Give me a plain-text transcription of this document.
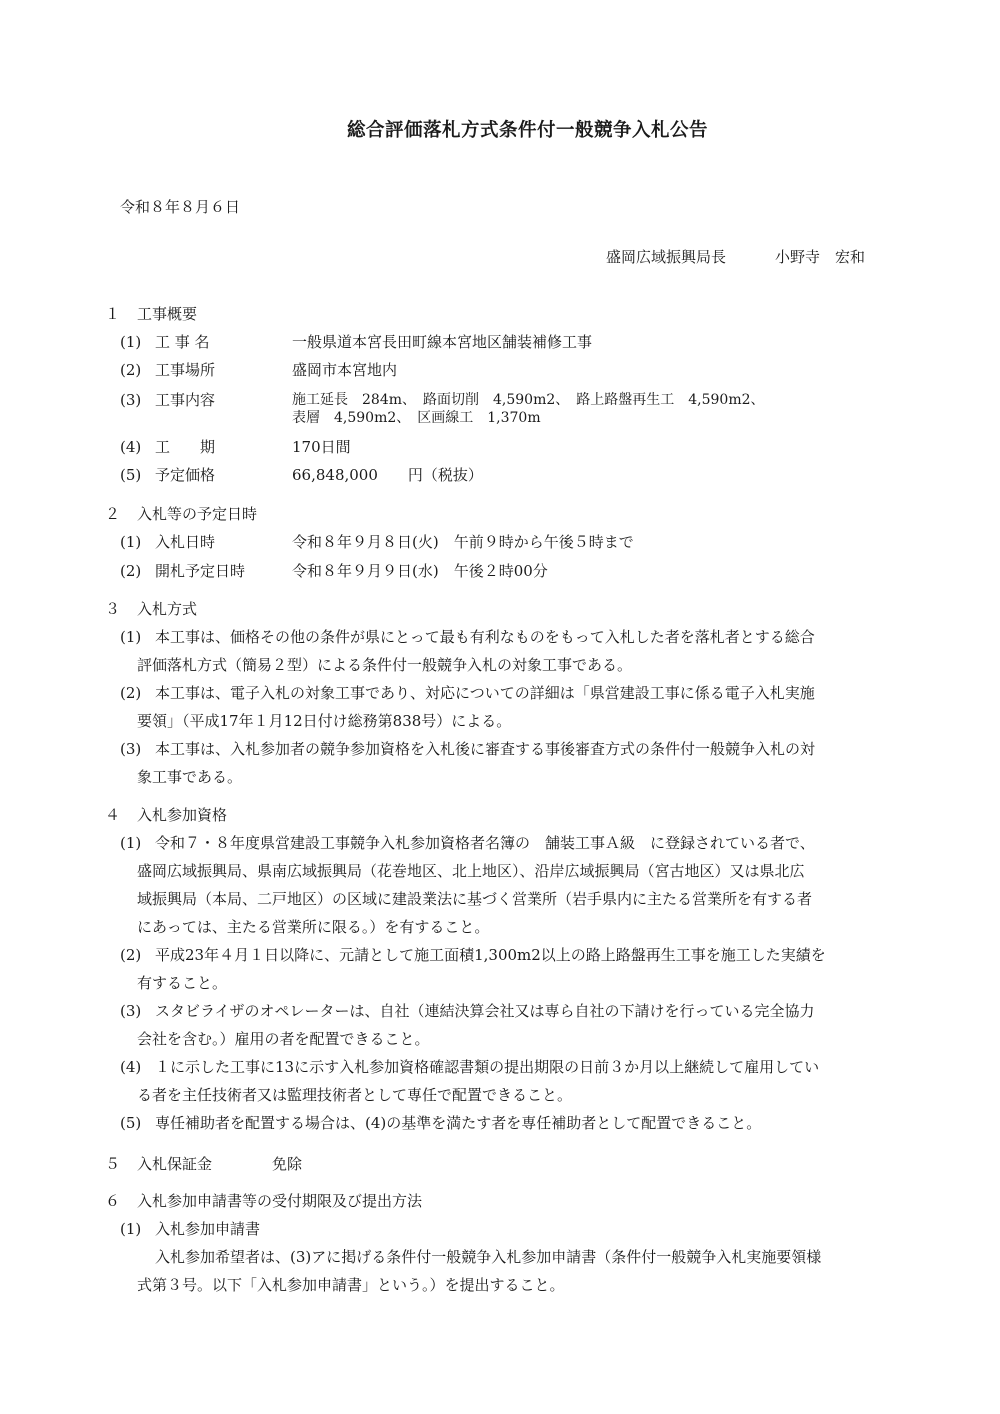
総合評価落札方式条件付一般競争入札公告
令和８年８月６日
盛岡広域振興局長	小野寺　宏和
１ 工事概要
(1) 工 事 名	一般県道本宮長田町線本宮地区舗装補修工事
(2) 工事場所	盛岡市本宮地内
(3) 工事内容	施工延長　284m、　路面切削　4,590m2、　路上路盤再生工　4,590m2、
表層　4,590m2、　区画線工　1,370m
(4) 工　　期	170日間
(5) 予定価格	66,848,000　　円（税抜）
２ 入札等の予定日時
(1) 入札日時	令和８年９月８日(火)　午前９時から午後５時まで
(2) 開札予定日時	令和８年９月９日(水)　午後２時00分
３ 入札方式
(1) 本工事は、価格その他の条件が県にとって最も有利なものをもって入札した者を落札者とする総合
評価落札方式（簡易２型）による条件付一般競争入札の対象工事である。
(2) 本工事は、電子入札の対象工事であり、対応についての詳細は「県営建設工事に係る電子入札実施
要領」（平成17年１月12日付け総務第838号）による。
(3) 本工事は、入札参加者の競争参加資格を入札後に審査する事後審査方式の条件付一般競争入札の対
象工事である。
４ 入札参加資格
(1) 令和７・８年度県営建設工事競争入札参加資格者名簿の　舗装工事Ａ級　に登録されている者で、
盛岡広域振興局、県南広域振興局（花巻地区、北上地区）、沿岸広域振興局（宮古地区）又は県北広
域振興局（本局、二戸地区）の区域に建設業法に基づく営業所（岩手県内に主たる営業所を有する者
にあっては、主たる営業所に限る。）を有すること。
(2) 平成23年４月１日以降に、元請として施工面積1,300m2以上の路上路盤再生工事を施工した実績を
有すること。
(3) スタビライザのオペレーターは、自社（連結決算会社又は専ら自社の下請けを行っている完全協力
会社を含む。）雇用の者を配置できること。
(4) １に示した工事に13に示す入札参加資格確認書類の提出期限の日前３か月以上継続して雇用してい
る者を主任技術者又は監理技術者として専任で配置できること。
(5) 専任補助者を配置する場合は、(4)の基準を満たす者を専任補助者として配置できること。
５ 入札保証金	免除
６ 入札参加申請書等の受付期限及び提出方法
(1) 入札参加申請書
入札参加希望者は、(3)アに掲げる条件付一般競争入札参加申請書（条件付一般競争入札実施要領様
式第３号。以下「入札参加申請書」という。）を提出すること。
